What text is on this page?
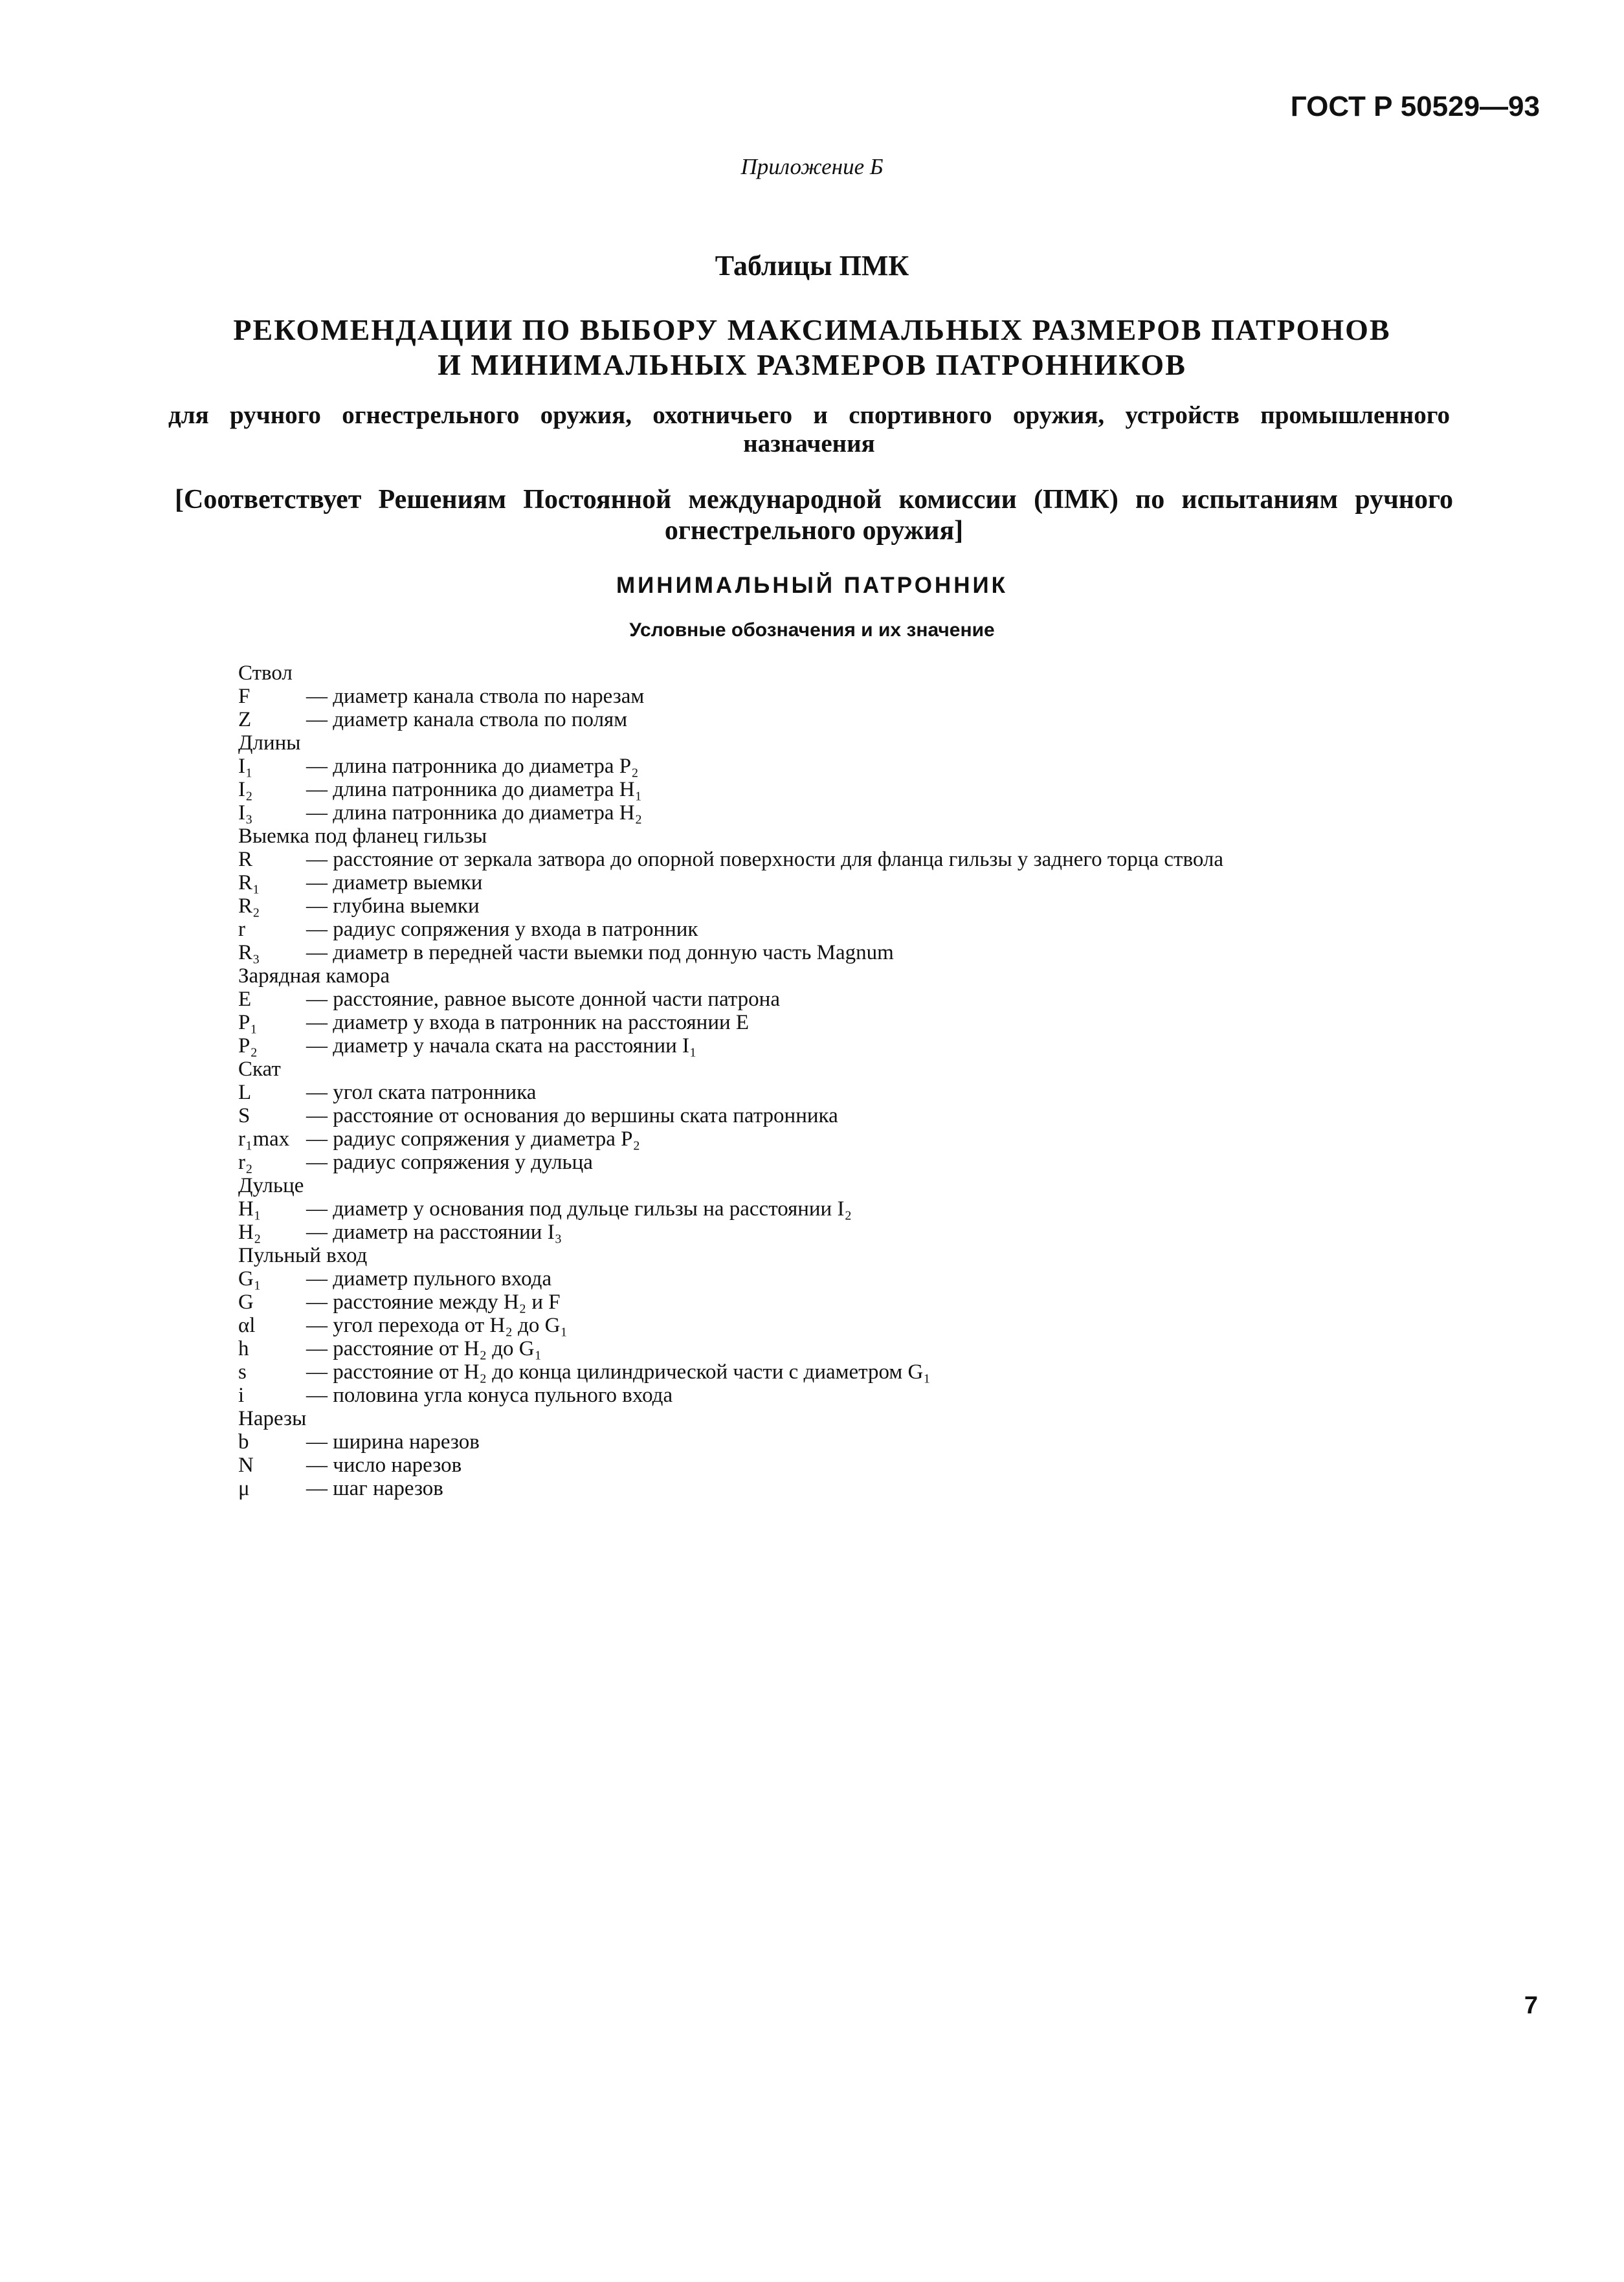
ГОСТ Р 50529—93
Приложение Б
Таблицы ПМК
РЕКОМЕНДАЦИИ ПО ВЫБОРУ МАКСИМАЛЬНЫХ РАЗМЕРОВ ПАТРОНОВ
И МИНИМАЛЬНЫХ РАЗМЕРОВ ПАТРОННИКОВ
для ручного огнестрельного оружия, охотничьего и спортивного оружия, устройств промышленного назначения
[Соответствует Решениям Постоянной международной комиссии (ПМК) по испытаниям ручного огнестрельного оружия]
МИНИМАЛЬНЫЙ ПАТРОННИК
Условные обозначения и их значение
Ствол
F	— диаметр канала ствола по нарезам
Z	— диаметр канала ствола по полям
Длины
I₁	— длина патронника до диаметра P₂
I₂	— длина патронника до диаметра H₁
I₃	— длина патронника до диаметра H₂
Выемка под фланец гильзы
R	— расстояние от зеркала затвора до опорной поверхности для фланца гильзы у заднего торца ствола
R₁	— диаметр выемки
R₂	— глубина выемки
r	— радиус сопряжения у входа в патронник
R₃	— диаметр в передней части выемки под донную часть Magnum
Зарядная камора
E	— расстояние, равное высоте донной части патрона
P₁	— диаметр у входа в патронник на расстоянии E
P₂	— диаметр у начала ската на расстоянии I₁
Скат
L	— угол ската патронника
S	— расстояние от основания до вершины ската патронника
r₁max — радиус сопряжения у диаметра P₂
r₂	— радиус сопряжения у дульца
Дульце
H₁	— диаметр у основания под дульце гильзы на расстоянии I₂
H₂	— диаметр на расстоянии I₃
Пульный вход
G₁	— диаметр пульного входа
G	— расстояние между H₂ и F
αl	— угол перехода от H₂ до G₁
h	— расстояние от H₂ до G₁
s	— расстояние от H₂ до конца цилиндрической части с диаметром G₁
i	— половина угла конуса пульного входа
Нарезы
b	— ширина нарезов
N	— число нарезов
μ	— шаг нарезов
7
